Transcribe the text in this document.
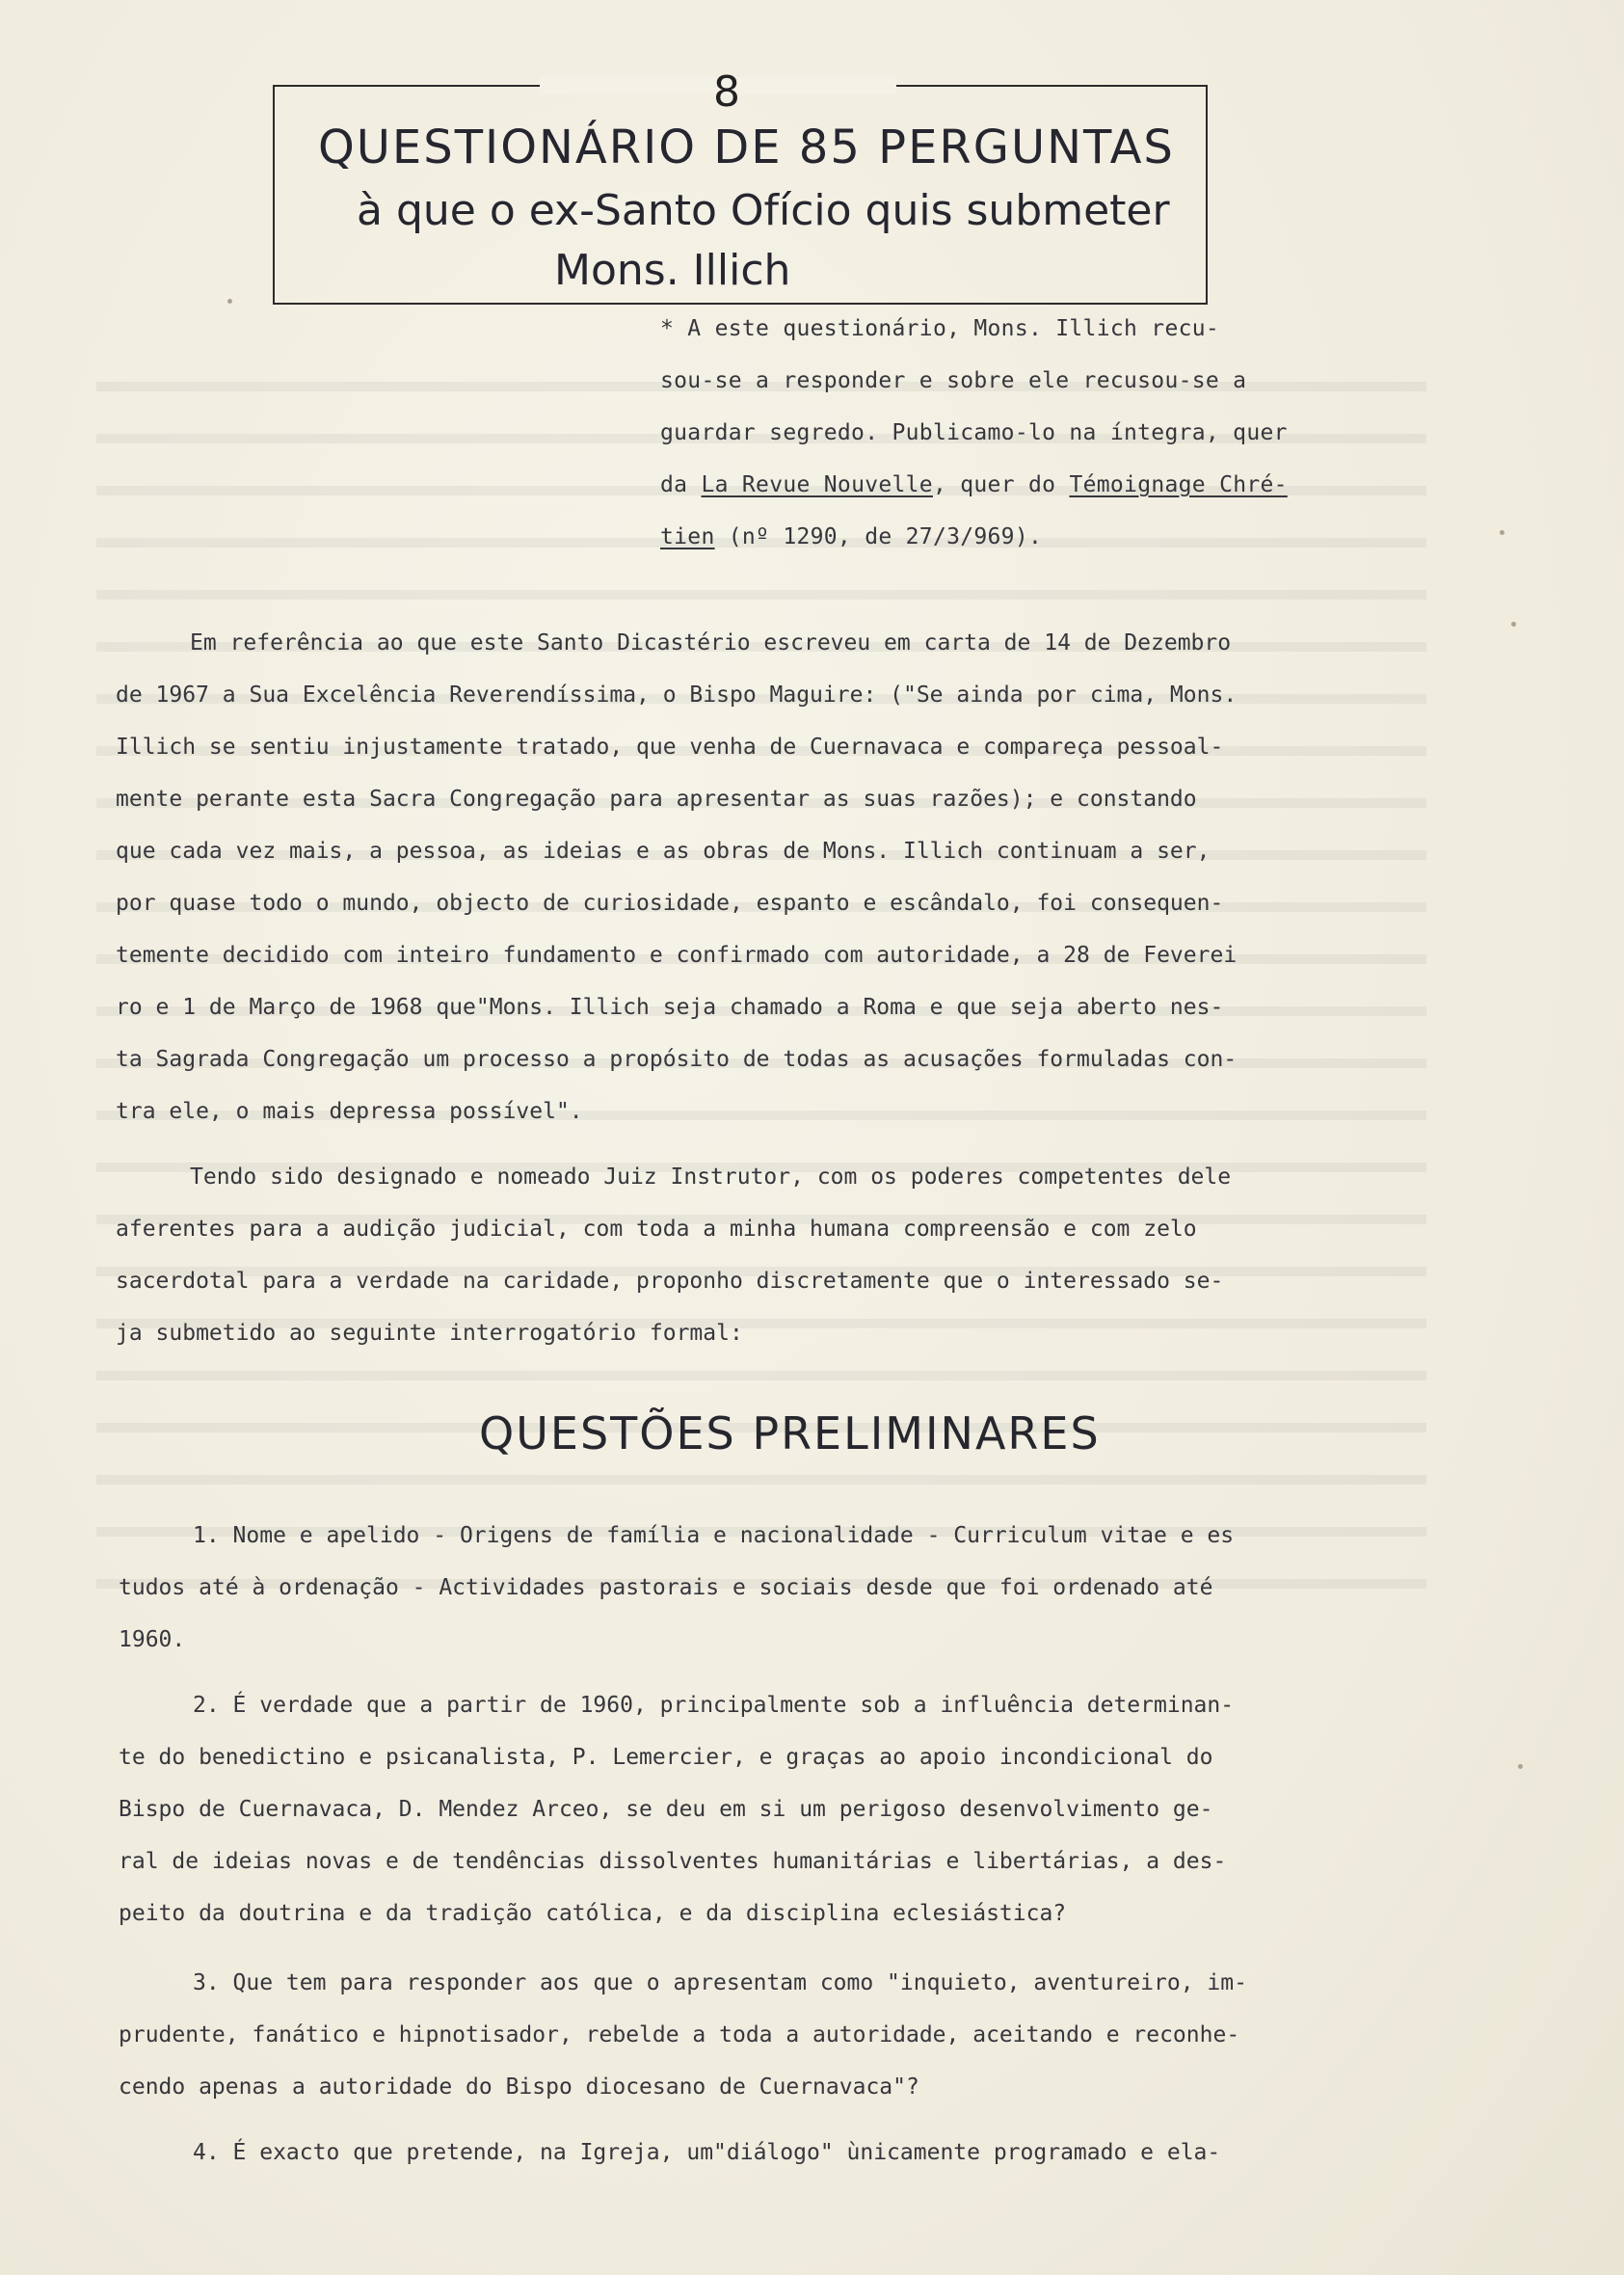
8
QUESTIONÁRIO DE 85 PERGUNTAS
à que o ex-Santo Ofício quis submeter
Mons. Illich
* A este questionário, Mons. Illich recu-
sou-se a responder e sobre ele recusou-se a
guardar segredo. Publicamo-lo na íntegra, quer
da La Revue Nouvelle, quer do Témoignage Chré-
tien (nº 1290, de 27/3/969).
Em referência ao que este Santo Dicastério escreveu em carta de 14 de Dezembro
de 1967 a Sua Excelência Reverendíssima, o Bispo Maguire: ("Se ainda por cima, Mons.
Illich se sentiu injustamente tratado, que venha de Cuernavaca e compareça pessoal-
mente perante esta Sacra Congregação para apresentar as suas razões); e constando
que cada vez mais, a pessoa, as ideias e as obras de Mons. Illich continuam a ser,
por quase todo o mundo, objecto de curiosidade, espanto e escândalo, foi consequen-
temente decidido com inteiro fundamento e confirmado com autoridade, a 28 de Feverei
ro e 1 de Março de 1968 que"Mons. Illich seja chamado a Roma e que seja aberto nes-
ta Sagrada Congregação um processo a propósito de todas as acusações formuladas con-
tra ele, o mais depressa possível".
Tendo sido designado e nomeado Juiz Instrutor, com os poderes competentes dele
aferentes para a audição judicial, com toda a minha humana compreensão e com zelo
sacerdotal para a verdade na caridade, proponho discretamente que o interessado se-
ja submetido ao seguinte interrogatório formal:
QUESTÕES PRELIMINARES
1. Nome e apelido - Origens de família e nacionalidade - Curriculum vitae e es
tudos até à ordenação - Actividades pastorais e sociais desde que foi ordenado até
1960.
2. É verdade que a partir de 1960, principalmente sob a influência determinan-
te do benedictino e psicanalista, P. Lemercier, e graças ao apoio incondicional do
Bispo de Cuernavaca, D. Mendez Arceo, se deu em si um perigoso desenvolvimento ge-
ral de ideias novas e de tendências dissolventes humanitárias e libertárias, a des-
peito da doutrina e da tradição católica, e da disciplina eclesiástica?
3. Que tem para responder aos que o apresentam como "inquieto, aventureiro, im-
prudente, fanático e hipnotisador, rebelde a toda a autoridade, aceitando e reconhe-
cendo apenas a autoridade do Bispo diocesano de Cuernavaca"?
4. É exacto que pretende, na Igreja, um"diálogo" ùnicamente programado e ela-
